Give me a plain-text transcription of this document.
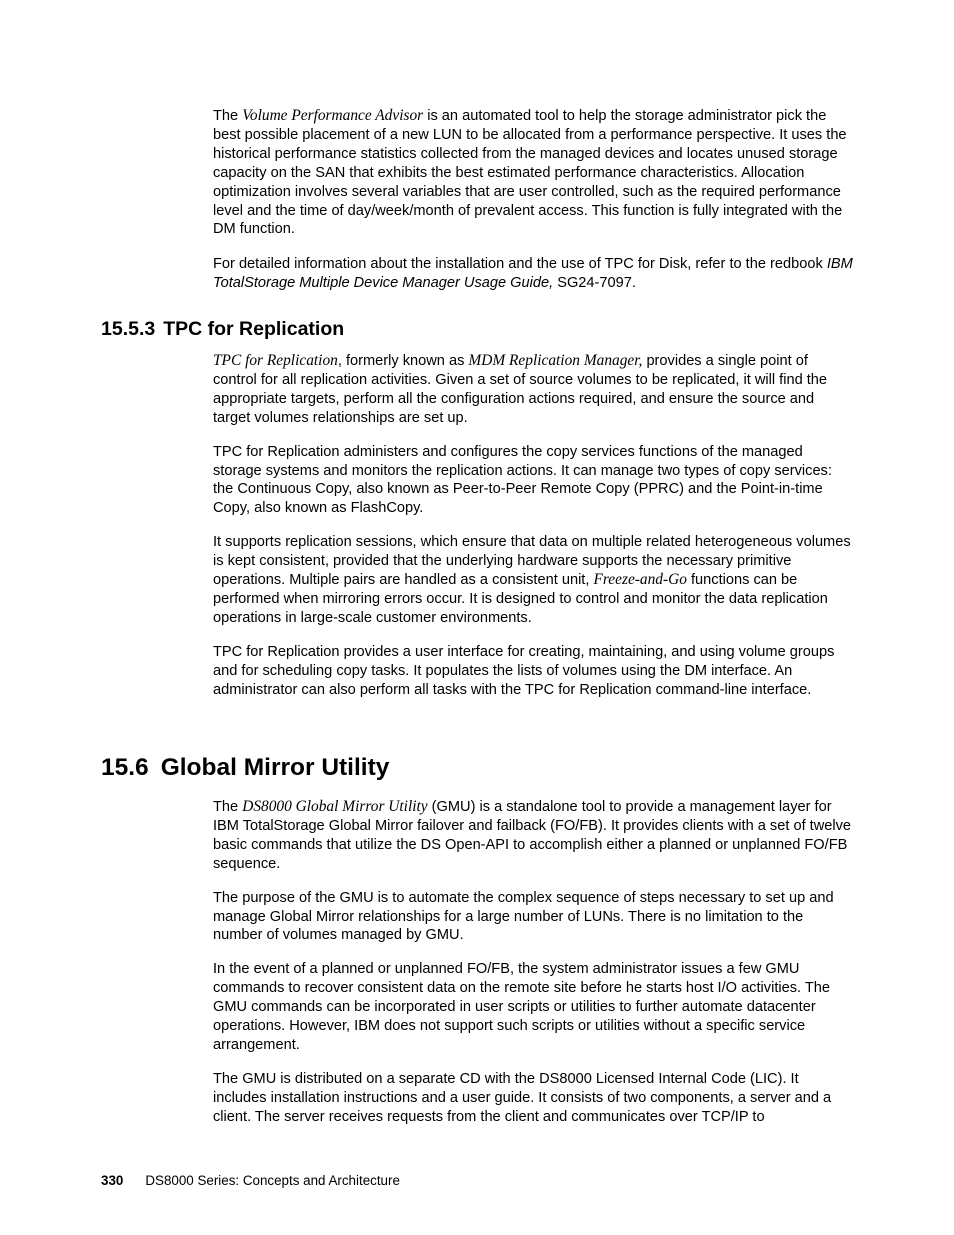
The Volume Performance Advisor is an automated tool to help the storage administrator pick the best possible placement of a new LUN to be allocated from a performance perspective. It uses the historical performance statistics collected from the managed devices and locates unused storage capacity on the SAN that exhibits the best estimated performance characteristics. Allocation optimization involves several variables that are user controlled, such as the required performance level and the time of day/week/month of prevalent access. This function is fully integrated with the DM function.

For detailed information about the installation and the use of TPC for Disk, refer to the redbook IBM TotalStorage Multiple Device Manager Usage Guide, SG24-7097.

15.5.3 TPC for Replication

TPC for Replication, formerly known as MDM Replication Manager, provides a single point of control for all replication activities. Given a set of source volumes to be replicated, it will find the appropriate targets, perform all the configuration actions required, and ensure the source and target volumes relationships are set up.

TPC for Replication administers and configures the copy services functions of the managed storage systems and monitors the replication actions. It can manage two types of copy services: the Continuous Copy, also known as Peer-to-Peer Remote Copy (PPRC) and the Point-in-time Copy, also known as FlashCopy.

It supports replication sessions, which ensure that data on multiple related heterogeneous volumes is kept consistent, provided that the underlying hardware supports the necessary primitive operations. Multiple pairs are handled as a consistent unit, Freeze-and-Go functions can be performed when mirroring errors occur. It is designed to control and monitor the data replication operations in large-scale customer environments.

TPC for Replication provides a user interface for creating, maintaining, and using volume groups and for scheduling copy tasks. It populates the lists of volumes using the DM interface. An administrator can also perform all tasks with the TPC for Replication command-line interface.

15.6 Global Mirror Utility

The DS8000 Global Mirror Utility (GMU) is a standalone tool to provide a management layer for IBM TotalStorage Global Mirror failover and failback (FO/FB). It provides clients with a set of twelve basic commands that utilize the DS Open-API to accomplish either a planned or unplanned FO/FB sequence.

The purpose of the GMU is to automate the complex sequence of steps necessary to set up and manage Global Mirror relationships for a large number of LUNs. There is no limitation to the number of volumes managed by GMU.

In the event of a planned or unplanned FO/FB, the system administrator issues a few GMU commands to recover consistent data on the remote site before he starts host I/O activities. The GMU commands can be incorporated in user scripts or utilities to further automate datacenter operations. However, IBM does not support such scripts or utilities without a specific service arrangement.

The GMU is distributed on a separate CD with the DS8000 Licensed Internal Code (LIC). It includes installation instructions and a user guide. It consists of two components, a server and a client. The server receives requests from the client and communicates over TCP/IP to

330 DS8000 Series: Concepts and Architecture
